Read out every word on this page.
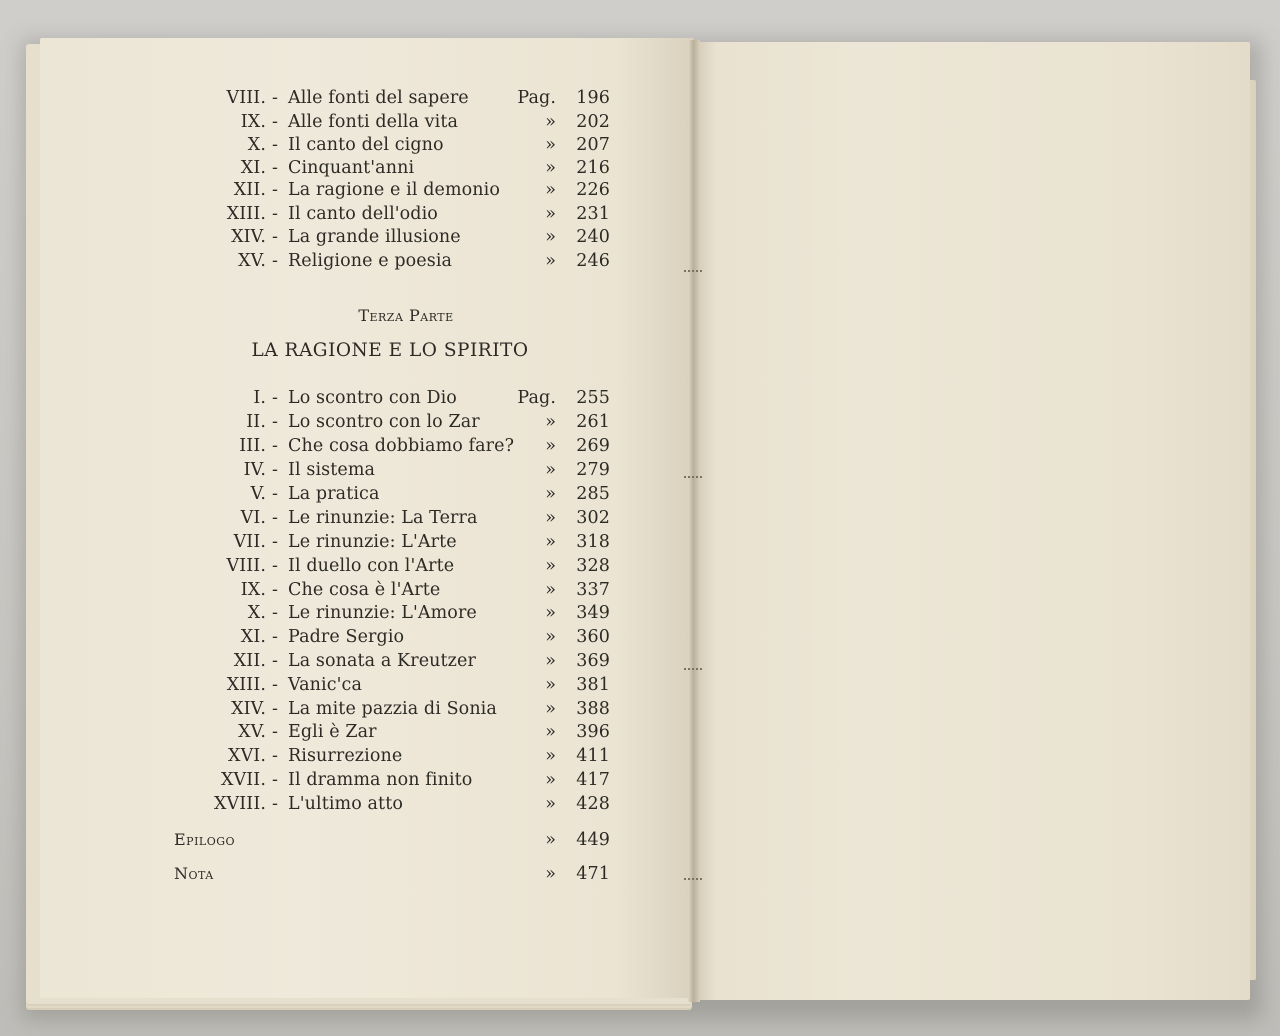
VIII. - Alle fonti del sapere	Pag.	196
IX. - Alle fonti della vita	»	202
X. - Il canto del cigno	»	207
XI. - Cinquant'anni	»	216
XII. - La ragione e il demonio	»	226
XIII. - Il canto dell'odio	»	231
XIV. - La grande illusione	»	240
XV. - Religione e poesia	»	246
Terza Parte
LA RAGIONE E LO SPIRITO
I. - Lo scontro con Dio	Pag.	255
II. - Lo scontro con lo Zar	»	261
III. - Che cosa dobbiamo fare?	»	269
IV. - Il sistema	»	279
V. - La pratica	»	285
VI. - Le rinunzie: La Terra	»	302
VII. - Le rinunzie: L'Arte	»	318
VIII. - Il duello con l'Arte	»	328
IX. - Che cosa è l'Arte	»	337
X. - Le rinunzie: L'Amore	»	349
XI. - Padre Sergio	»	360
XII. - La sonata a Kreutzer	»	369
XIII. - Vanic'ca	»	381
XIV. - La mite pazzia di Sonia	»	388
XV. - Egli è Zar	»	396
XVI. - Risurrezione	»	411
XVII. - Il dramma non finito	»	417
XVIII. - L'ultimo atto	»	428
Epilogo	»	449
Nota	»	471
